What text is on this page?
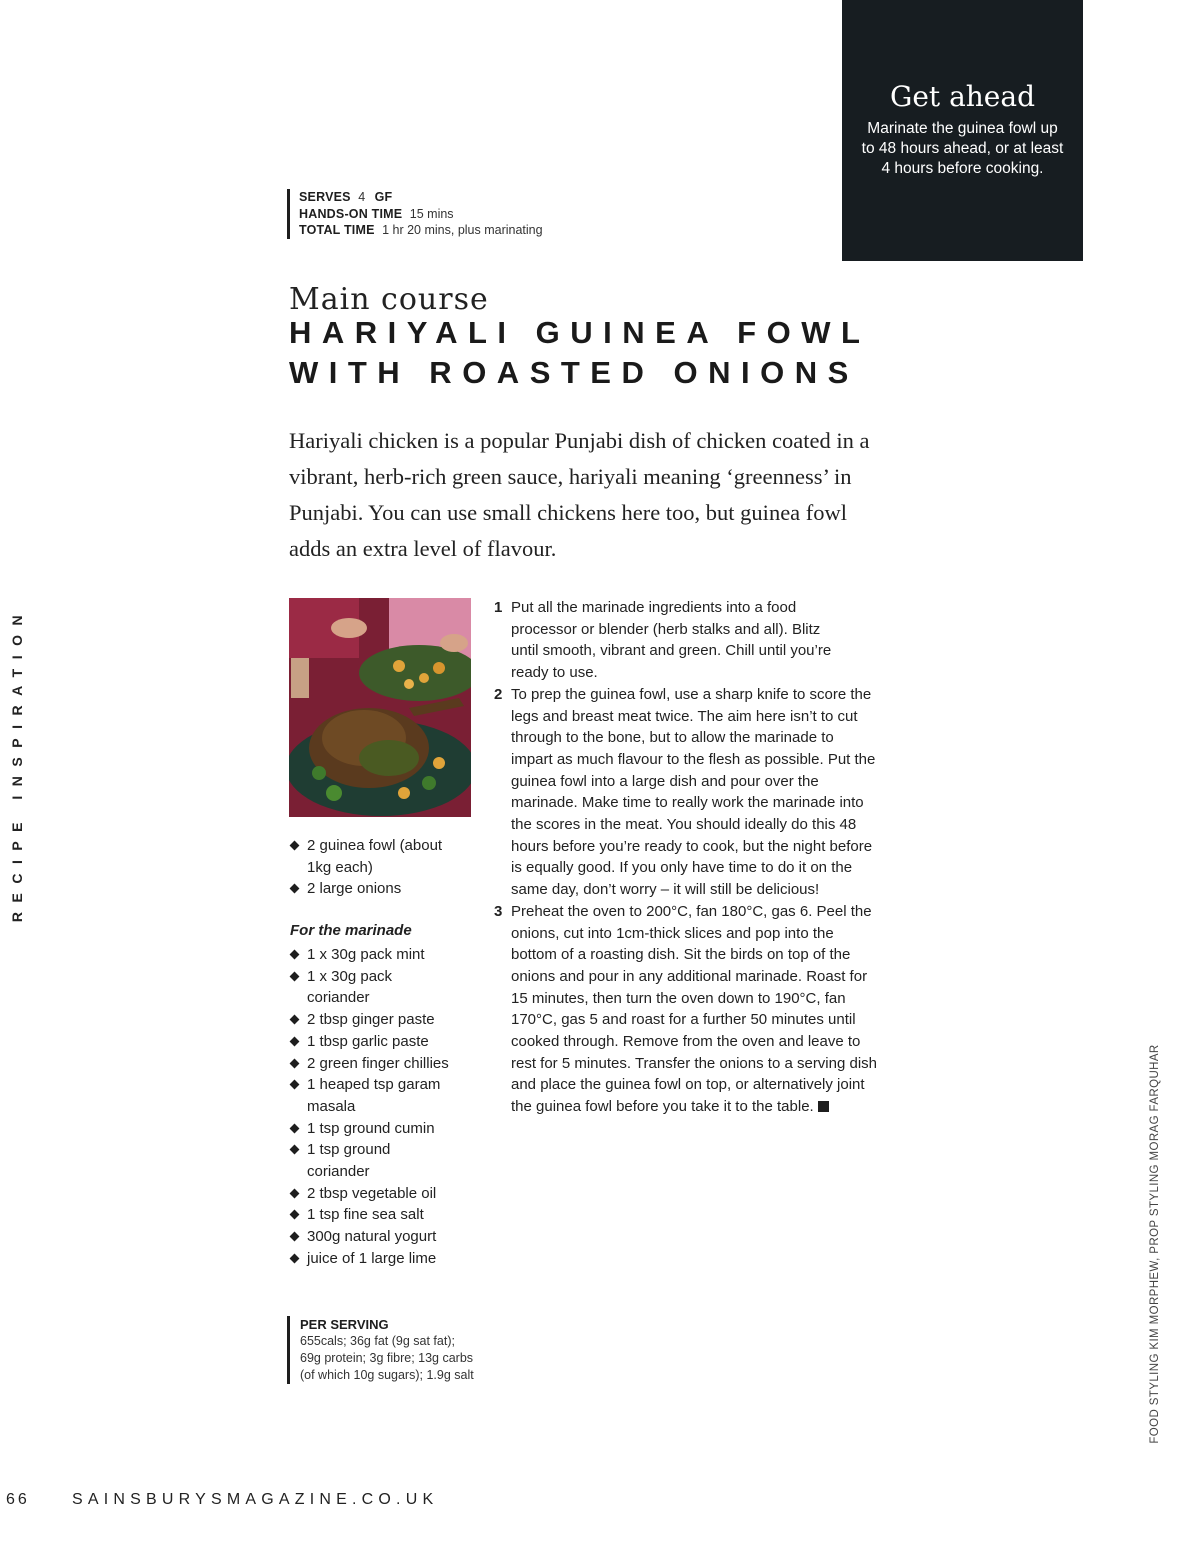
Get ahead
Marinate the guinea fowl up to 48 hours ahead, or at least 4 hours before cooking.
SERVES 4 GF
HANDS-ON TIME 15 mins
TOTAL TIME 1 hr 20 mins, plus marinating
Main course
HARIYALI GUINEA FOWL
WITH ROASTED ONIONS
Hariyali chicken is a popular Punjabi dish of chicken coated in a vibrant, herb-rich green sauce, hariyali meaning ‘greenness’ in Punjabi. You can use small chickens here too, but guinea fowl adds an extra level of flavour.
2 guinea fowl (about 1kg each)
2 large onions
For the marinade
1 x 30g pack mint
1 x 30g pack coriander
2 tbsp ginger paste
1 tbsp garlic paste
2 green finger chillies
1 heaped tsp garam masala
1 tsp ground cumin
1 tsp ground coriander
2 tbsp vegetable oil
1 tsp fine sea salt
300g natural yogurt
juice of 1 large lime
1 Put all the marinade ingredients into a food processor or blender (herb stalks and all). Blitz until smooth, vibrant and green. Chill until you’re ready to use.
2 To prep the guinea fowl, use a sharp knife to score the legs and breast meat twice. The aim here isn’t to cut through to the bone, but to allow the marinade to impart as much flavour to the flesh as possible. Put the guinea fowl into a large dish and pour over the marinade. Make time to really work the marinade into the scores in the meat. You should ideally do this 48 hours before you’re ready to cook, but the night before is equally good. If you only have time to do it on the same day, don’t worry – it will still be delicious!
3 Preheat the oven to 200°C, fan 180°C, gas 6. Peel the onions, cut into 1cm-thick slices and pop into the bottom of a roasting dish. Sit the birds on top of the onions and pour in any additional marinade. Roast for 15 minutes, then turn the oven down to 190°C, fan 170°C, gas 5 and roast for a further 50 minutes until cooked through. Remove from the oven and leave to rest for 5 minutes. Transfer the onions to a serving dish and place the guinea fowl on top, or alternatively joint the guinea fowl before you take it to the table.
PER SERVING
655cals; 36g fat (9g sat fat);
69g protein; 3g fibre; 13g carbs
(of which 10g sugars); 1.9g salt
RECIPE INSPIRATION
FOOD STYLING KIM MORPHEW, PROP STYLING MORAG FARQUHAR
66	SAINSBURYSMAGAZINE.CO.UK
